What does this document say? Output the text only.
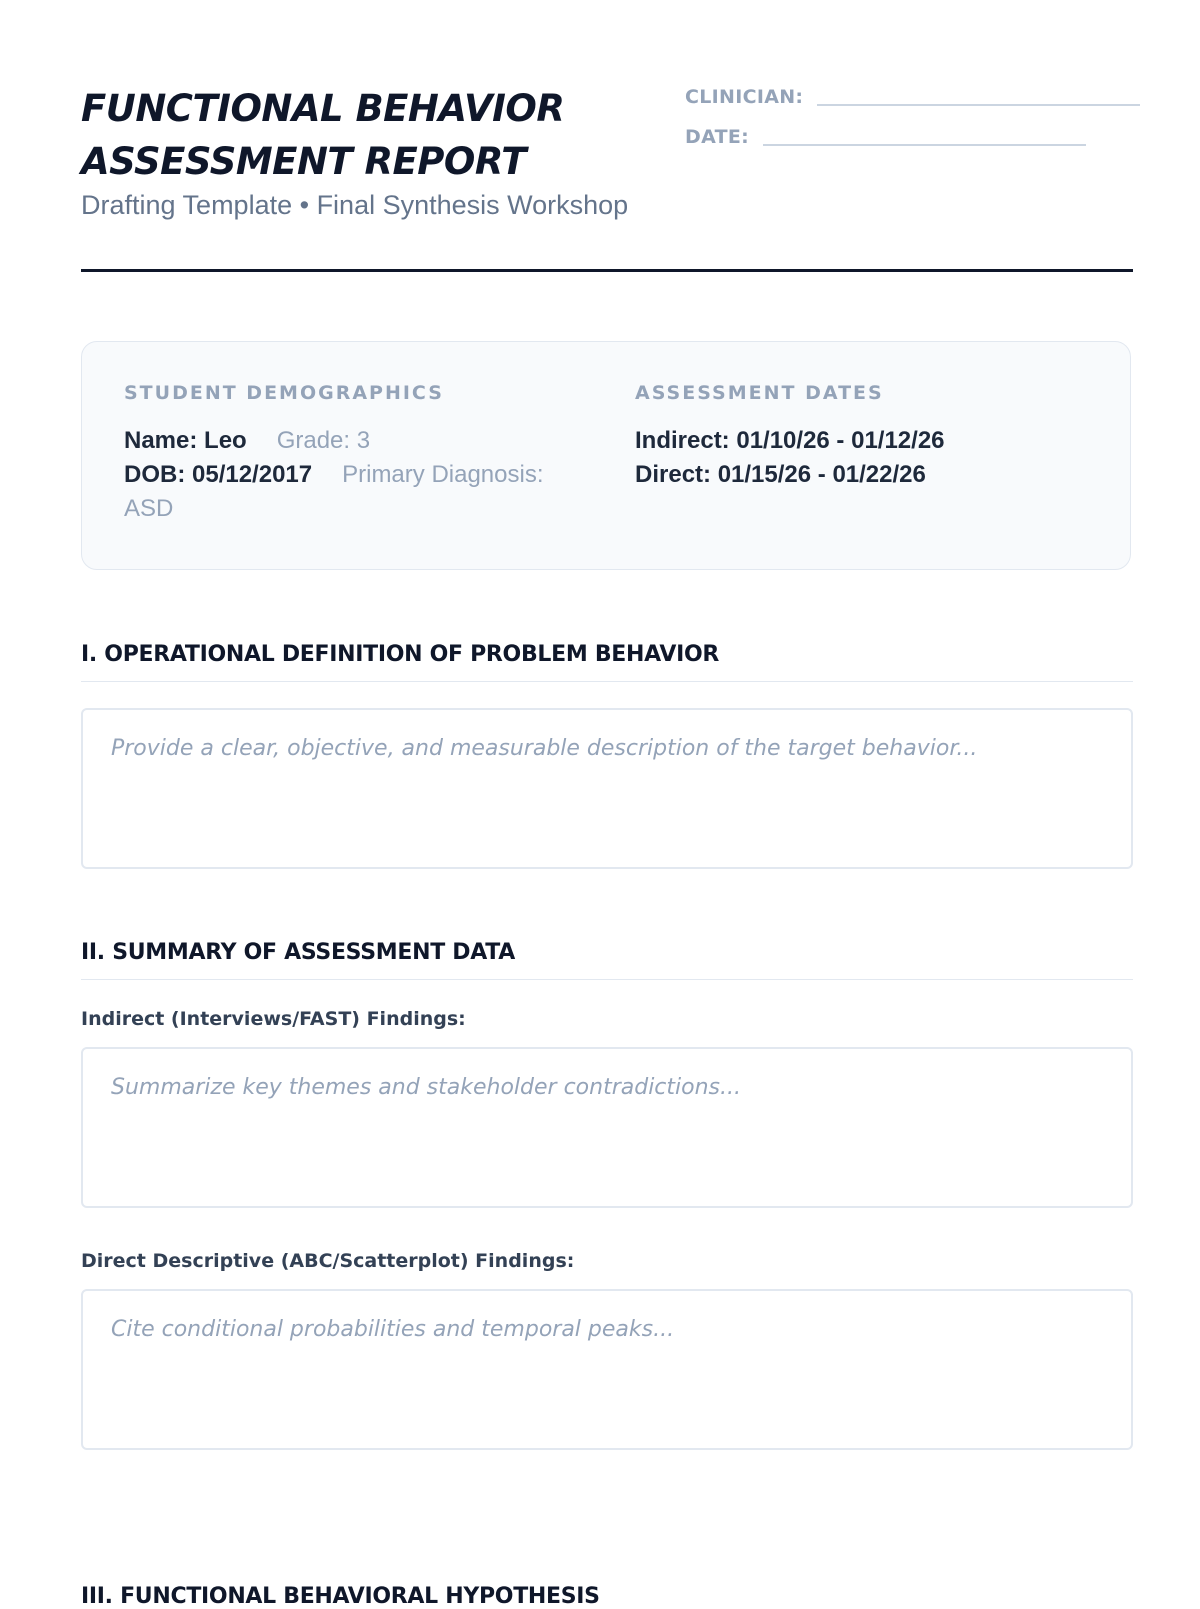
FUNCTIONAL BEHAVIOR ASSESSMENT REPORT
Drafting Template • Final Synthesis Workshop
CLINICIAN:
DATE:
STUDENT DEMOGRAPHICS
Name: Leo Grade: 3
DOB: 05/12/2017 Primary Diagnosis: ASD
ASSESSMENT DATES
Indirect: 01/10/26 - 01/12/26
Direct: 01/15/26 - 01/22/26
I. OPERATIONAL DEFINITION OF PROBLEM BEHAVIOR
Provide a clear, objective, and measurable description of the target behavior...
II. SUMMARY OF ASSESSMENT DATA
Indirect (Interviews/FAST) Findings:
Summarize key themes and stakeholder contradictions...
Direct Descriptive (ABC/Scatterplot) Findings:
Cite conditional probabilities and temporal peaks...
III. FUNCTIONAL BEHAVIORAL HYPOTHESIS
